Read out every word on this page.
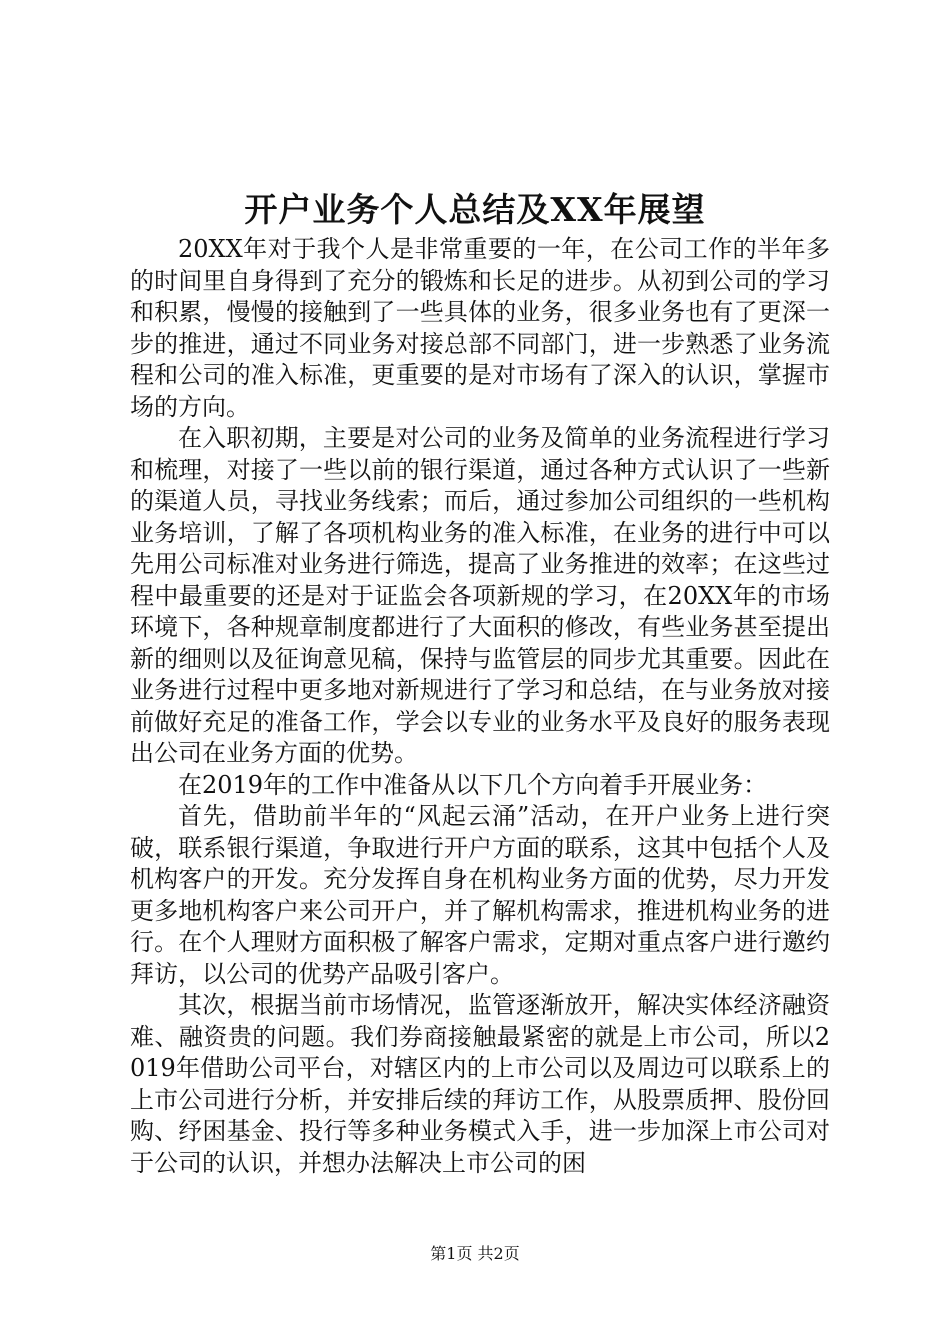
开户业务个人总结及XX年展望

20XX年对于我个人是非常重要的一年，在公司工作的半年多的时间里自身得到了充分的锻炼和长足的进步。从初到公司的学习和积累，慢慢的接触到了一些具体的业务，很多业务也有了更深一步的推进，通过不同业务对接总部不同部门，进一步熟悉了业务流程和公司的准入标准，更重要的是对市场有了深入的认识，掌握市场的方向。

在入职初期，主要是对公司的业务及简单的业务流程进行学习和梳理，对接了一些以前的银行渠道，通过各种方式认识了一些新的渠道人员，寻找业务线索；而后，通过参加公司组织的一些机构业务培训，了解了各项机构业务的准入标准，在业务的进行中可以先用公司标准对业务进行筛选，提高了业务推进的效率；在这些过程中最重要的还是对于证监会各项新规的学习，在20XX年的市场环境下，各种规章制度都进行了大面积的修改，有些业务甚至提出新的细则以及征询意见稿，保持与监管层的同步尤其重要。因此在业务进行过程中更多地对新规进行了学习和总结，在与业务放对接前做好充足的准备工作，学会以专业的业务水平及良好的服务表现出公司在业务方面的优势。

在2019年的工作中准备从以下几个方向着手开展业务：

首先，借助前半年的“风起云涌”活动，在开户业务上进行突破，联系银行渠道，争取进行开户方面的联系，这其中包括个人及机构客户的开发。充分发挥自身在机构业务方面的优势，尽力开发更多地机构客户来公司开户，并了解机构需求，推进机构业务的进行。在个人理财方面积极了解客户需求，定期对重点客户进行邀约拜访，以公司的优势产品吸引客户。

其次，根据当前市场情况，监管逐渐放开，解决实体经济融资难、融资贵的问题。我们券商接触最紧密的就是上市公司，所以2019年借助公司平台，对辖区内的上市公司以及周边可以联系上的上市公司进行分析，并安排后续的拜访工作，从股票质押、股份回购、纾困基金、投行等多种业务模式入手，进一步加深上市公司对于公司的认识，并想办法解决上市公司的困

第1页 共2页
